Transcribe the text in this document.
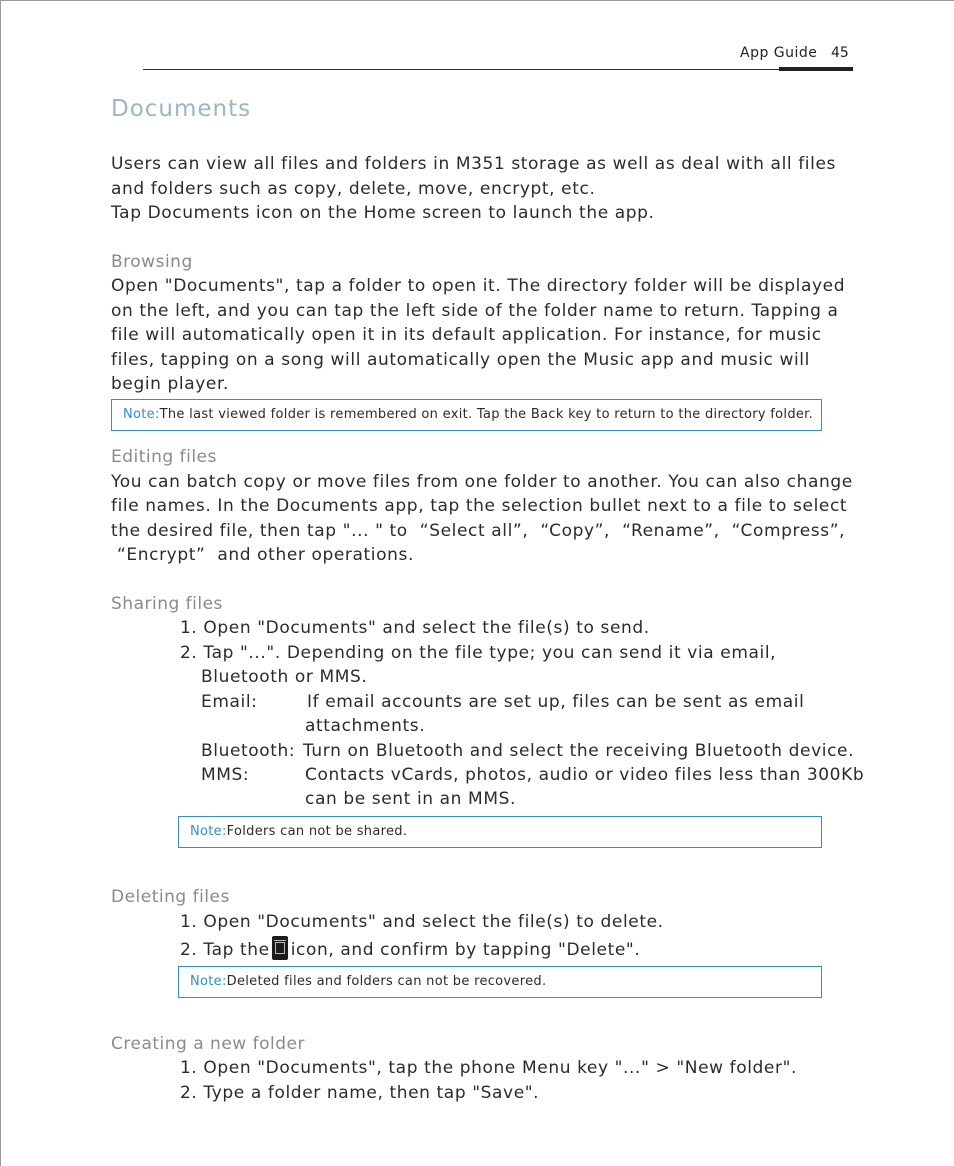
App Guide 45
Documents
Users can view all files and folders in M351 storage as well as deal with all files
and folders such as copy, delete, move, encrypt, etc.
Tap Documents icon on the Home screen to launch the app.
Browsing
Open "Documents", tap a folder to open it. The directory folder will be displayed
on the left, and you can tap the left side of the folder name to return. Tapping a
file will automatically open it in its default application. For instance, for music
files, tapping on a song will automatically open the Music app and music will
begin player.
Note:The last viewed folder is remembered on exit. Tap the Back key to return to the directory folder.
Editing files
You can batch copy or move files from one folder to another. You can also change
file names. In the Documents app, tap the selection bullet next to a file to select
the desired file, then tap "... " to  “Select all”,  “Copy”,  “Rename”,  “Compress”,
“Encrypt”  and other operations.
Sharing files
1. Open "Documents" and select the file(s) to send.
2. Tap "...". Depending on the file type; you can send it via email,
Bluetooth or MMS.
Email:	If email accounts are set up, files can be sent as email
attachments.
Bluetooth: Turn on Bluetooth and select the receiving Bluetooth device.
MMS:	Contacts vCards, photos, audio or video files less than 300Kb
can be sent in an MMS.
Note:Folders can not be shared.
Deleting files
1. Open "Documents" and select the file(s) to delete.
2. Tap the icon, and confirm by tapping "Delete".
Note:Deleted files and folders can not be recovered.
Creating a new folder
1. Open "Documents", tap the phone Menu key "..." > "New folder".
2. Type a folder name, then tap "Save".
